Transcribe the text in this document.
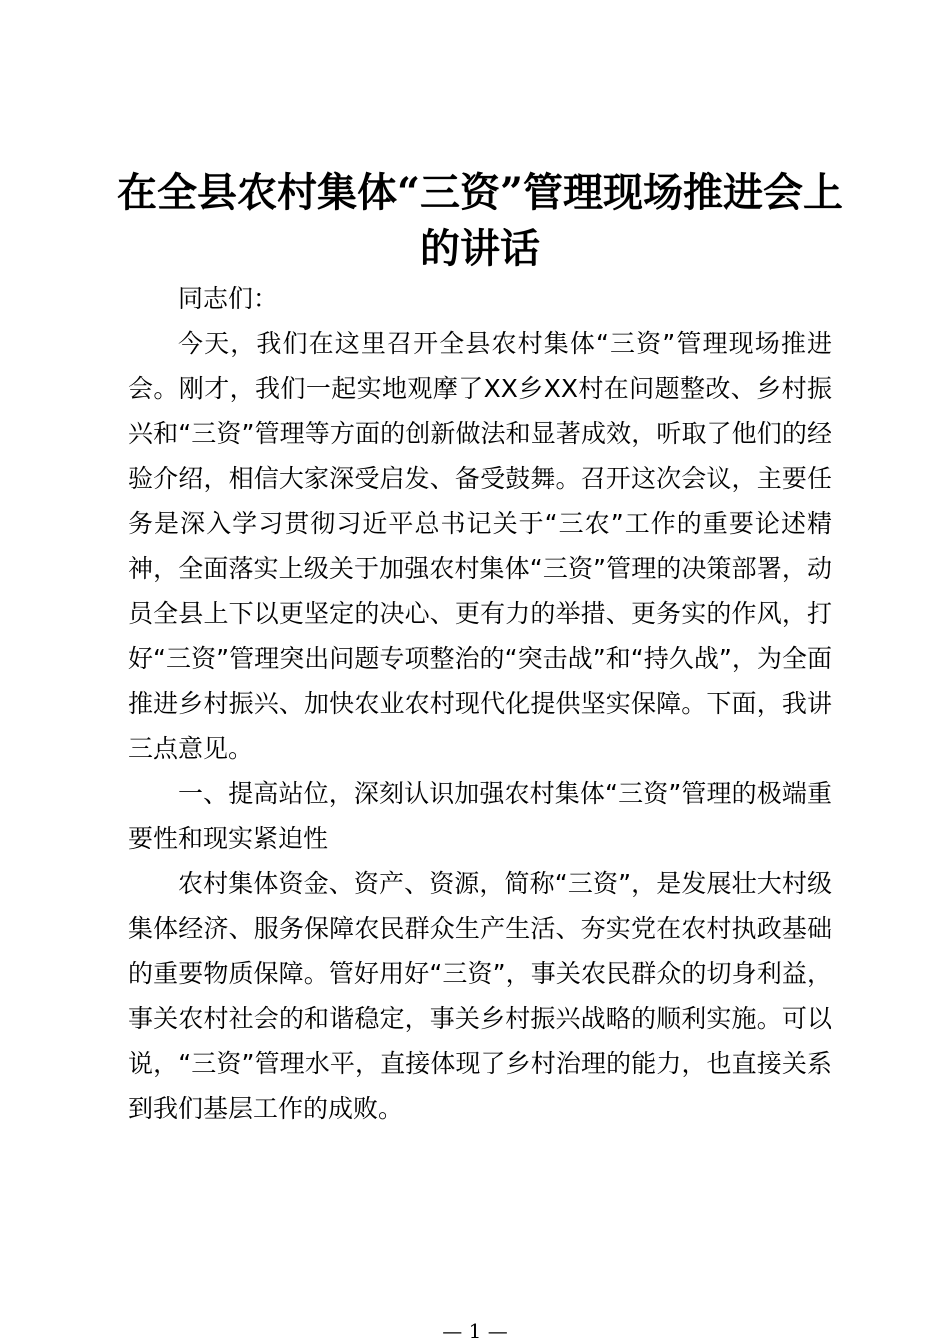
在全县农村集体“三资”管理现场推进会上的讲话

同志们：

今天，我们在这里召开全县农村集体“三资”管理现场推进会。刚才，我们一起实地观摩了XX乡XX村在问题整改、乡村振兴和“三资”管理等方面的创新做法和显著成效，听取了他们的经验介绍，相信大家深受启发、备受鼓舞。召开这次会议，主要任务是深入学习贯彻习近平总书记关于“三农”工作的重要论述精神，全面落实上级关于加强农村集体“三资”管理的决策部署，动员全县上下以更坚定的决心、更有力的举措、更务实的作风，打好“三资”管理突出问题专项整治的“突击战”和“持久战”，为全面推进乡村振兴、加快农业农村现代化提供坚实保障。下面，我讲三点意见。

一、提高站位，深刻认识加强农村集体“三资”管理的极端重要性和现实紧迫性

农村集体资金、资产、资源，简称“三资”，是发展壮大村级集体经济、服务保障农民群众生产生活、夯实党在农村执政基础的重要物质保障。管好用好“三资”，事关农民群众的切身利益，事关农村社会的和谐稳定，事关乡村振兴战略的顺利实施。可以说，“三资”管理水平，直接体现了乡村治理的能力，也直接关系到我们基层工作的成败。

— 1 —
